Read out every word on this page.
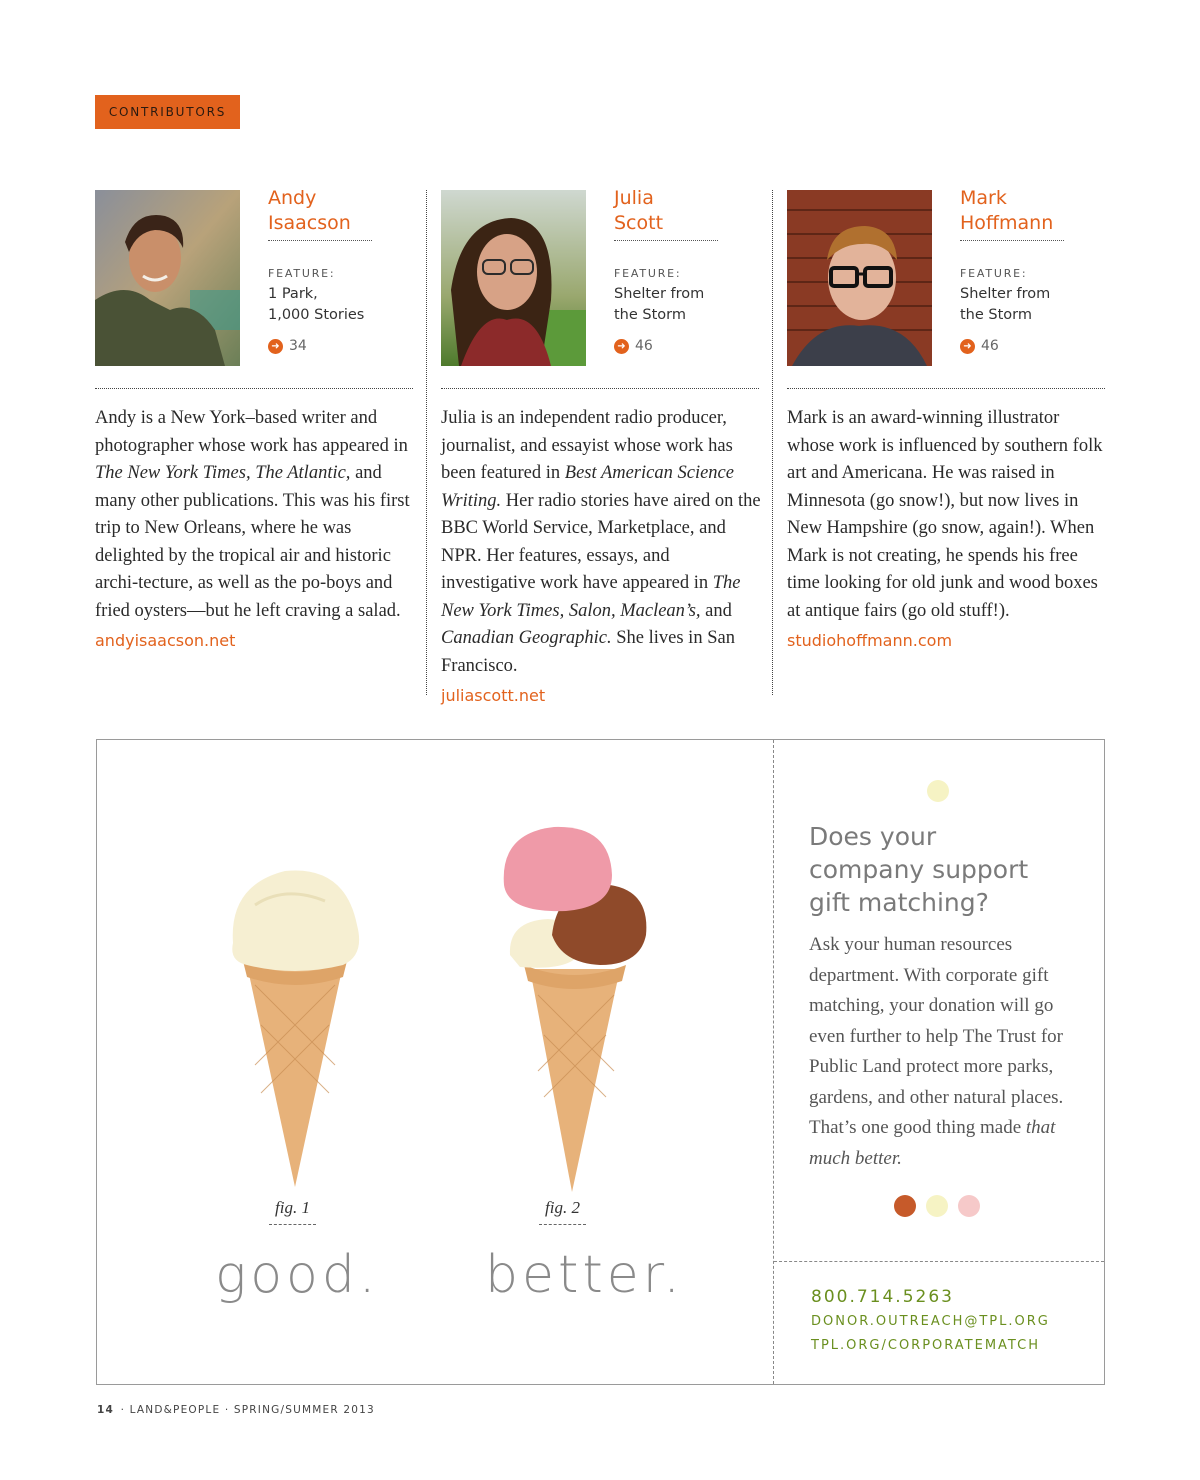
CONTRIBUTORS
Andy
Isaacson
FEATURE:
1 Park,
1,000 Stories
➜ 34
Andy is a New York–based writer and photographer whose work has appeared in The New York Times, The Atlantic, and many other publications. This was his first trip to New Orleans, where he was delighted by the tropical air and historic archi-tecture, as well as the po-boys and fried oysters—but he left craving a salad.
andyisaacson.net
Julia
Scott
FEATURE:
Shelter from
the Storm
➜ 46
Julia is an independent radio producer, journalist, and essayist whose work has been featured in Best American Science Writing. Her radio stories have aired on the BBC World Service, Marketplace, and NPR. Her features, essays, and investigative work have appeared in The New York Times, Salon, Maclean’s, and Canadian Geographic. She lives in San Francisco.
juliascott.net
Mark
Hoffmann
FEATURE:
Shelter from
the Storm
➜ 46
Mark is an award-winning illustrator whose work is influenced by southern folk art and Americana. He was raised in Minnesota (go snow!), but now lives in New Hampshire (go snow, again!). When Mark is not creating, he spends his free time looking for old junk and wood boxes at antique fairs (go old stuff!).
studiohoffmann.com
fig. 1	fig. 2
good. better.
Does your company support gift matching?
Ask your human resources department. With corporate gift matching, your donation will go even further to help The Trust for Public Land protect more parks, gardens, and other natural places. That’s one good thing made that much better.
800.714.5263
DONOR.OUTREACH@TPL.ORG
TPL.ORG/CORPORATEMATCH
14 · LAND&PEOPLE · SPRING/SUMMER 2013
